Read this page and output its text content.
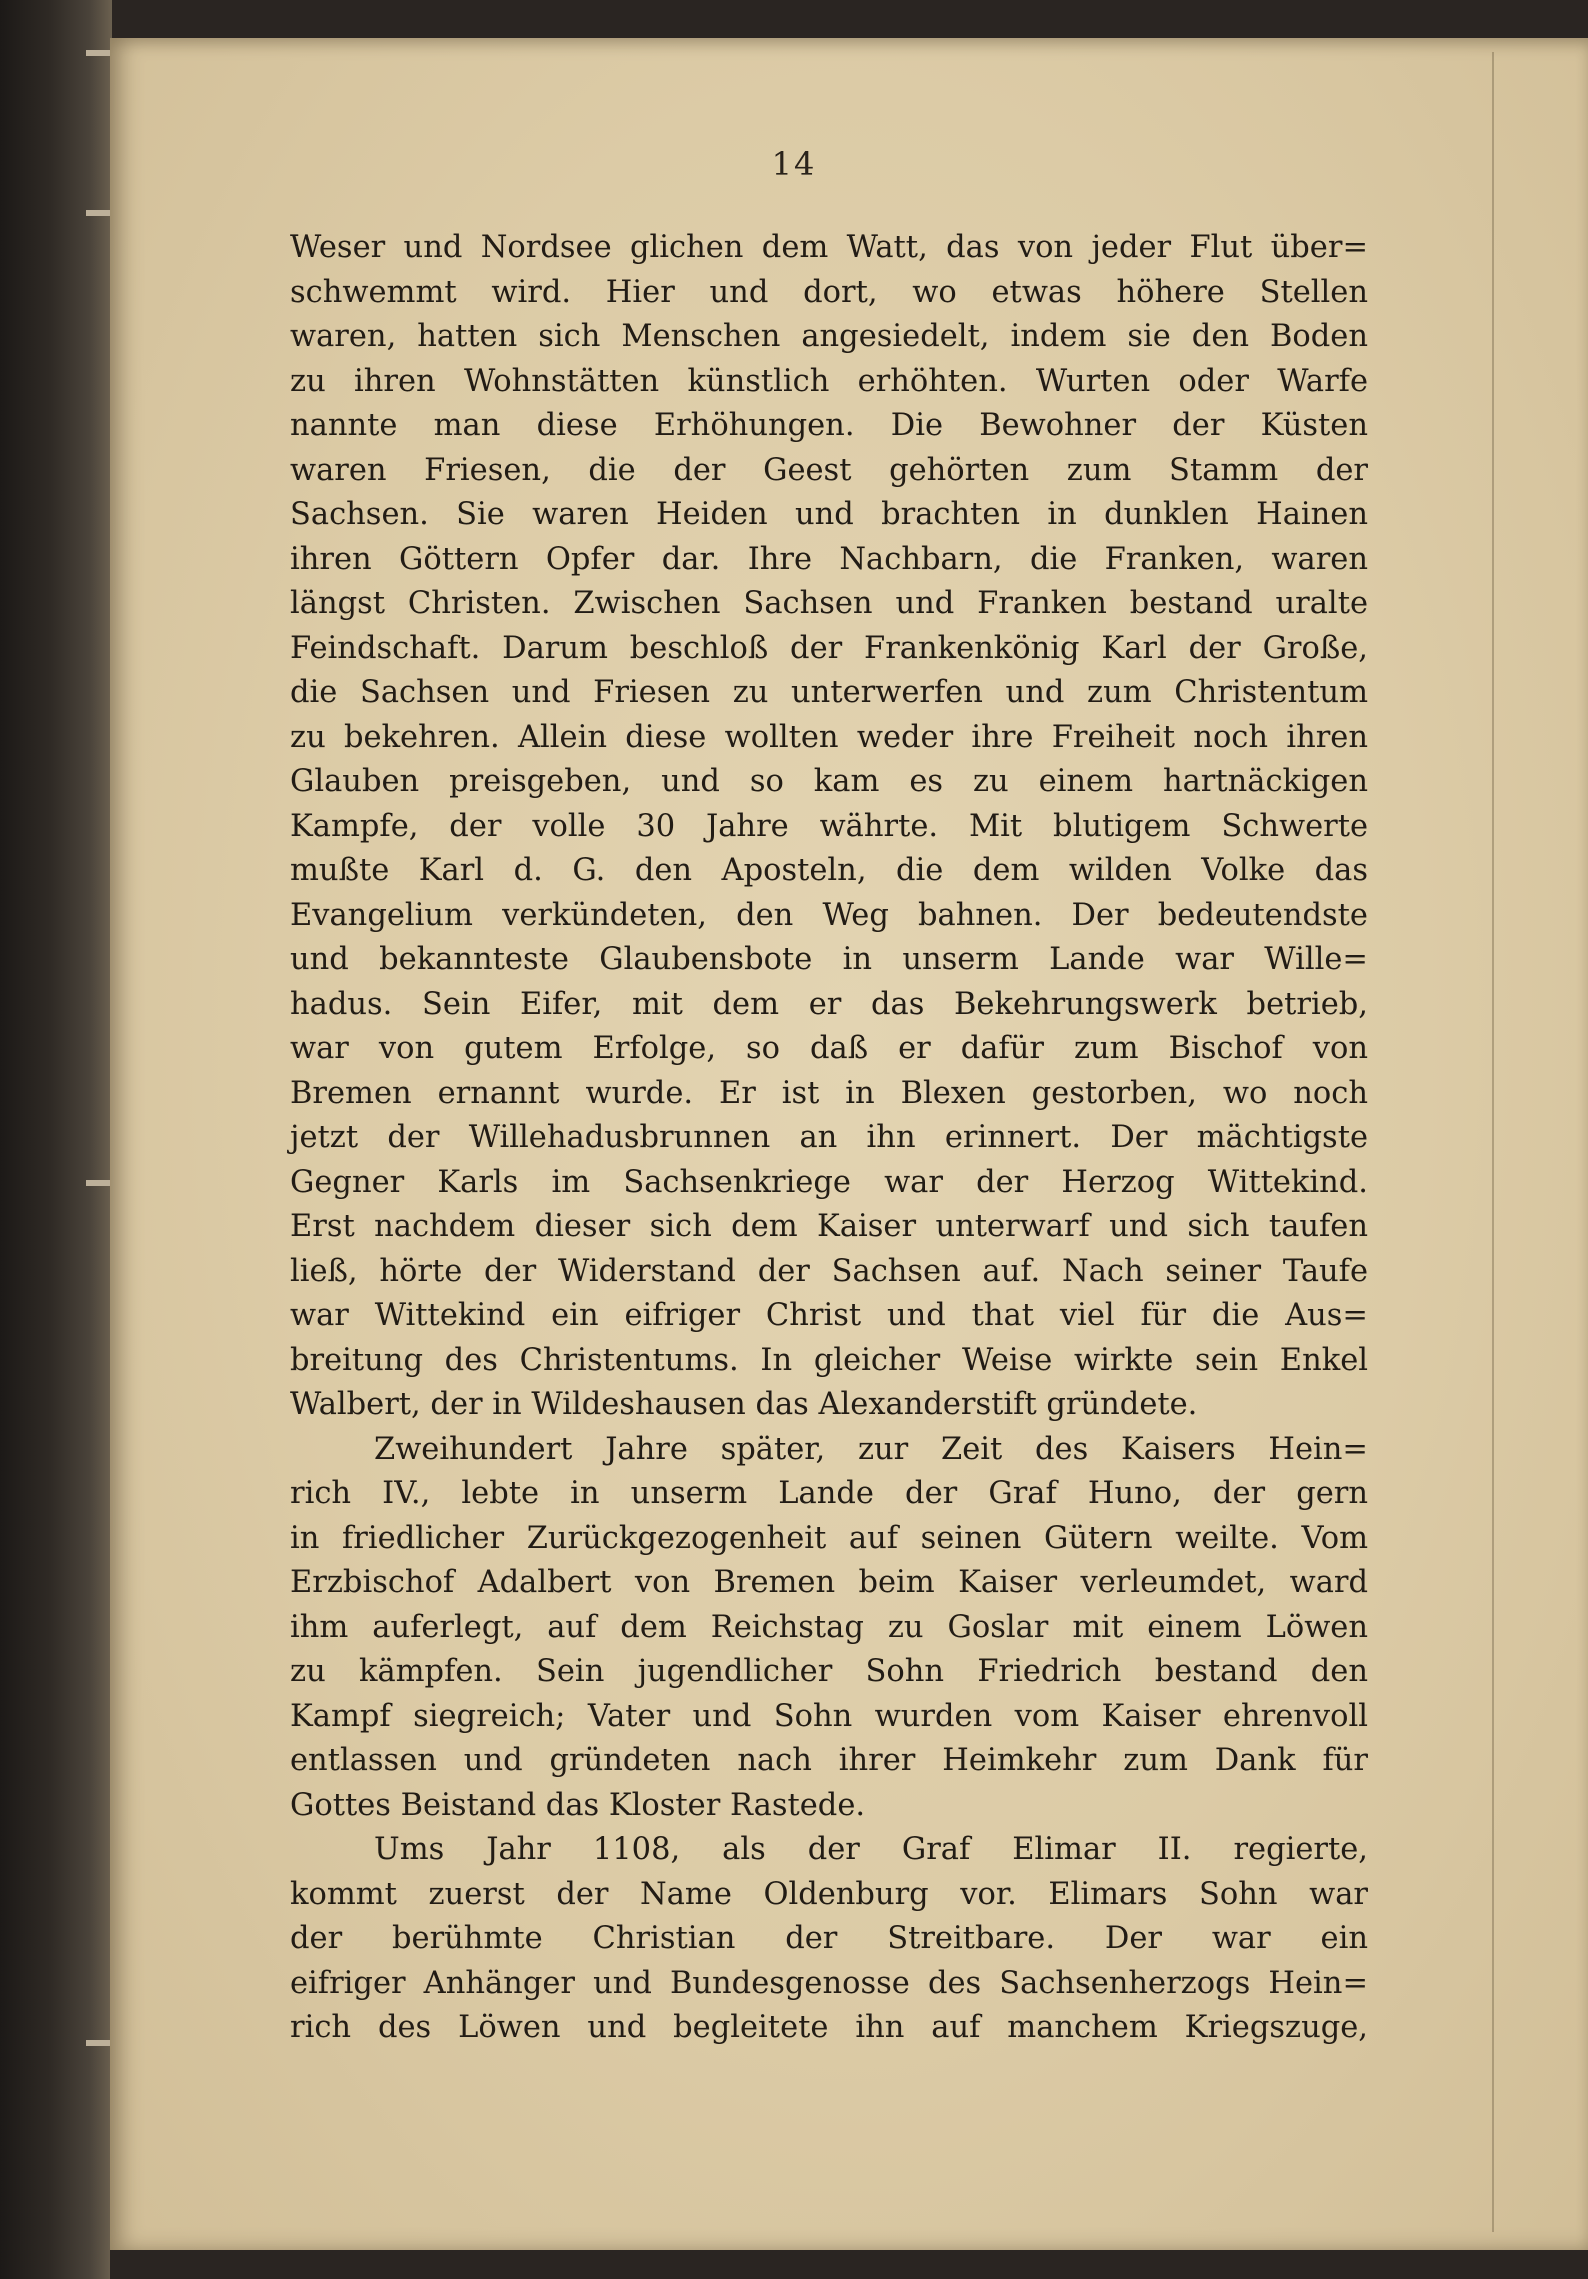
14
Weser und Nordsee glichen dem Watt, das von jeder Flut über=
schwemmt wird. Hier und dort, wo etwas höhere Stellen
waren, hatten sich Menschen angesiedelt, indem sie den Boden
zu ihren Wohnstätten künstlich erhöhten. Wurten oder Warfe
nannte man diese Erhöhungen. Die Bewohner der Küsten
waren Friesen, die der Geest gehörten zum Stamm der
Sachsen. Sie waren Heiden und brachten in dunklen Hainen
ihren Göttern Opfer dar. Ihre Nachbarn, die Franken, waren
längst Christen. Zwischen Sachsen und Franken bestand uralte
Feindschaft. Darum beschloß der Frankenkönig Karl der Große,
die Sachsen und Friesen zu unterwerfen und zum Christentum
zu bekehren. Allein diese wollten weder ihre Freiheit noch ihren
Glauben preisgeben, und so kam es zu einem hartnäckigen
Kampfe, der volle 30 Jahre währte. Mit blutigem Schwerte
mußte Karl d. G. den Aposteln, die dem wilden Volke das
Evangelium verkündeten, den Weg bahnen. Der bedeutendste
und bekannteste Glaubensbote in unserm Lande war Wille=
hadus. Sein Eifer, mit dem er das Bekehrungswerk betrieb,
war von gutem Erfolge, so daß er dafür zum Bischof von
Bremen ernannt wurde. Er ist in Blexen gestorben, wo noch
jetzt der Willehadusbrunnen an ihn erinnert. Der mächtigste
Gegner Karls im Sachsenkriege war der Herzog Wittekind.
Erst nachdem dieser sich dem Kaiser unterwarf und sich taufen
ließ, hörte der Widerstand der Sachsen auf. Nach seiner Taufe
war Wittekind ein eifriger Christ und that viel für die Aus=
breitung des Christentums. In gleicher Weise wirkte sein Enkel
Walbert, der in Wildeshausen das Alexanderstift gründete.
Zweihundert Jahre später, zur Zeit des Kaisers Hein=
rich IV., lebte in unserm Lande der Graf Huno, der gern
in friedlicher Zurückgezogenheit auf seinen Gütern weilte. Vom
Erzbischof Adalbert von Bremen beim Kaiser verleumdet, ward
ihm auferlegt, auf dem Reichstag zu Goslar mit einem Löwen
zu kämpfen. Sein jugendlicher Sohn Friedrich bestand den
Kampf siegreich; Vater und Sohn wurden vom Kaiser ehrenvoll
entlassen und gründeten nach ihrer Heimkehr zum Dank für
Gottes Beistand das Kloster Rastede.
Ums Jahr 1108, als der Graf Elimar II. regierte,
kommt zuerst der Name Oldenburg vor. Elimars Sohn war
der berühmte Christian der Streitbare. Der war ein
eifriger Anhänger und Bundesgenosse des Sachsenherzogs Hein=
rich des Löwen und begleitete ihn auf manchem Kriegszuge,
